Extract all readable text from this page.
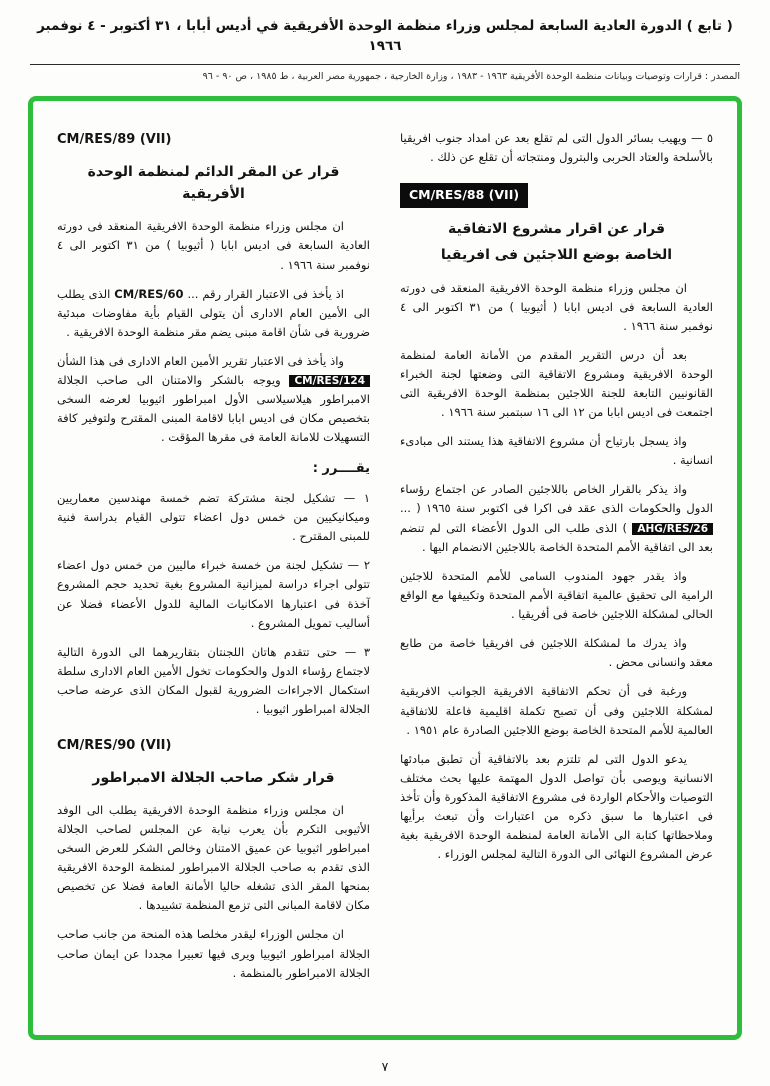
( تابع ) الدورة العادية السابعة لمجلس وزراء منظمة الوحدة الأفريقية في أديس أبابا ، ٣١ أكتوبر - ٤ نوفمبر ١٩٦٦
المصدر : قرارات وتوصيات وبيانات منظمة الوحدة الأفريقية ١٩٦٣ - ١٩٨٣ ، وزارة الخارجية ، جمهورية مصر العربية ، ط ١٩٨٥ ، ص ٩٠ - ٩٦

٥ — ويهيب بسائر الدول التى لم تقلع بعد عن امداد جنوب افريقيا بالأسلحة والعتاد الحربى والبترول ومنتجاته أن تقلع عن ذلك .

CM/RES/88 (VII)
قرار عن اقرار مشروع الاتفاقية
الخاصة بوضع اللاجئين فى افريقيا

ان مجلس وزراء منظمة الوحدة الافريقية المنعقد فى دورته العادية السابعة فى اديس ابابا ( أثيوبيا ) من ٣١ اكتوبر الى ٤ نوفمبر سنة ١٩٦٦ .

بعد أن درس التقرير المقدم من الأمانة العامة لمنظمة الوحدة الافريقية ومشروع الاتفاقية التى وضعتها لجنة الخبراء القانونيين التابعة للجنة اللاجئين بمنظمة الوحدة الافريقية التى اجتمعت فى اديس ابابا من ١٢ الى ١٦ سبتمبر سنة ١٩٦٦ .

واذ يسجل بارتياح أن مشروع الاتفاقية هذا يستند الى مبادىء انسانية .

واذ يذكر بالقرار الخاص باللاجئين الصادر عن اجتماع رؤساء الدول والحكومات الذى عقد فى اكرا فى اكتوبر سنة ١٩٦٥ ( ... AHG/RES/26 ) الذى طلب الى الدول الأعضاء التى لم تنضم بعد الى اتفاقية الأمم المتحدة الخاصة باللاجئين الانضمام اليها .

واذ يقدر جهود المندوب السامى للأمم المتحدة للاجئين الرامية الى تحقيق عالمية اتفاقية الأمم المتحدة وتكييفها مع الواقع الحالى لمشكلة اللاجئين خاصة فى أفريقيا .

واذ يدرك ما لمشكلة اللاجئين فى افريقيا خاصة من طابع معقد وانسانى محض .

ورغبة فى أن تحكم الاتفاقية الافريقية الجوانب الافريقية لمشكلة اللاجئين وفى أن تصبح تكملة اقليمية فاعلة للاتفاقية العالمية للأمم المتحدة الخاصة بوضع اللاجئين الصادرة عام ١٩٥١ .

يدعو الدول التى لم تلتزم بعد بالاتفاقية أن تطبق مبادئها الانسانية ويوصى بأن تواصل الدول المهتمة عليها بحث مختلف التوصيات والأحكام الواردة فى مشروع الاتفاقية المذكورة وأن تأخذ فى اعتبارها ما سبق ذكره من اعتبارات وأن تبعث برأيها وملاحظاتها كتابة الى الأمانة العامة لمنظمة الوحدة الافريقية بغية عرض المشروع النهائى الى الدورة التالية لمجلس الوزراء .

CM/RES/89 (VII)
قرار عن المقر الدائم لمنظمة الوحدة الأفريقية

ان مجلس وزراء منظمة الوحدة الافريقية المنعقد فى دورته العادية السابعة فى اديس ابابا ( أثيوبيا ) من ٣١ اكتوبر الى ٤ نوفمبر سنة ١٩٦٦ .

اذ يأخذ فى الاعتبار القرار رقم ... CM/RES/60 الذى يطلب الى الأمين العام الادارى أن يتولى القيام بأية مفاوضات مبدئية ضرورية فى شأن اقامة مبنى يضم مقر منظمة الوحدة الافريقية .

واذ يأخذ فى الاعتبار تقرير الأمين العام الادارى فى هذا الشأن CM/RES/124 ويوجه بالشكر والامتنان الى صاحب الجلالة الامبراطور هيلاسيلاسى الأول امبراطور اثيوبيا لعرضه السخى بتخصيص مكان فى اديس ابابا لاقامة المبنى المقترح ولتوفير كافة التسهيلات للامانة العامة فى مقرها المؤقت .

يقــــرر :

١ — تشكيل لجنة مشتركة تضم خمسة مهندسين معماريين وميكانيكيين من خمس دول اعضاء تتولى القيام بدراسة فنية للمبنى المقترح .

٢ — تشكيل لجنة من خمسة خبراء ماليين من خمس دول اعضاء تتولى اجراء دراسة لميزانية المشروع بغية تحديد حجم المشروع آخذة فى اعتبارها الامكانيات المالية للدول الأعضاء فضلا عن أساليب تمويل المشروع .

٣ — حتى تتقدم هاتان اللجنتان بتقاريرهما الى الدورة التالية لاجتماع رؤساء الدول والحكومات تخول الأمين العام الادارى سلطة استكمال الاجراءات الضرورية لقبول المكان الذى عرضه صاحب الجلالة امبراطور اثيوبيا .

CM/RES/90 (VII)
قرار شكر صاحب الجلالة الامبراطور

ان مجلس وزراء منظمة الوحدة الافريقية يطلب الى الوفد الأثيوبى التكرم بأن يعرب نيابة عن المجلس لصاحب الجلالة امبراطور اثيوبيا عن عميق الامتنان وخالص الشكر للعرض السخى الذى تقدم به صاحب الجلالة الامبراطور لمنظمة الوحدة الافريقية بمنحها المقر الذى تشغله حاليا الأمانة العامة فضلا عن تخصيص مكان لاقامة المبانى التى تزمع المنظمة تشييدها .

ان مجلس الوزراء ليقدر مخلصا هذه المنحة من جانب صاحب الجلالة امبراطور اثيوبيا ويرى فيها تعبيرا مجددا عن ايمان صاحب الجلالة الامبراطور بالمنظمة .

٧
